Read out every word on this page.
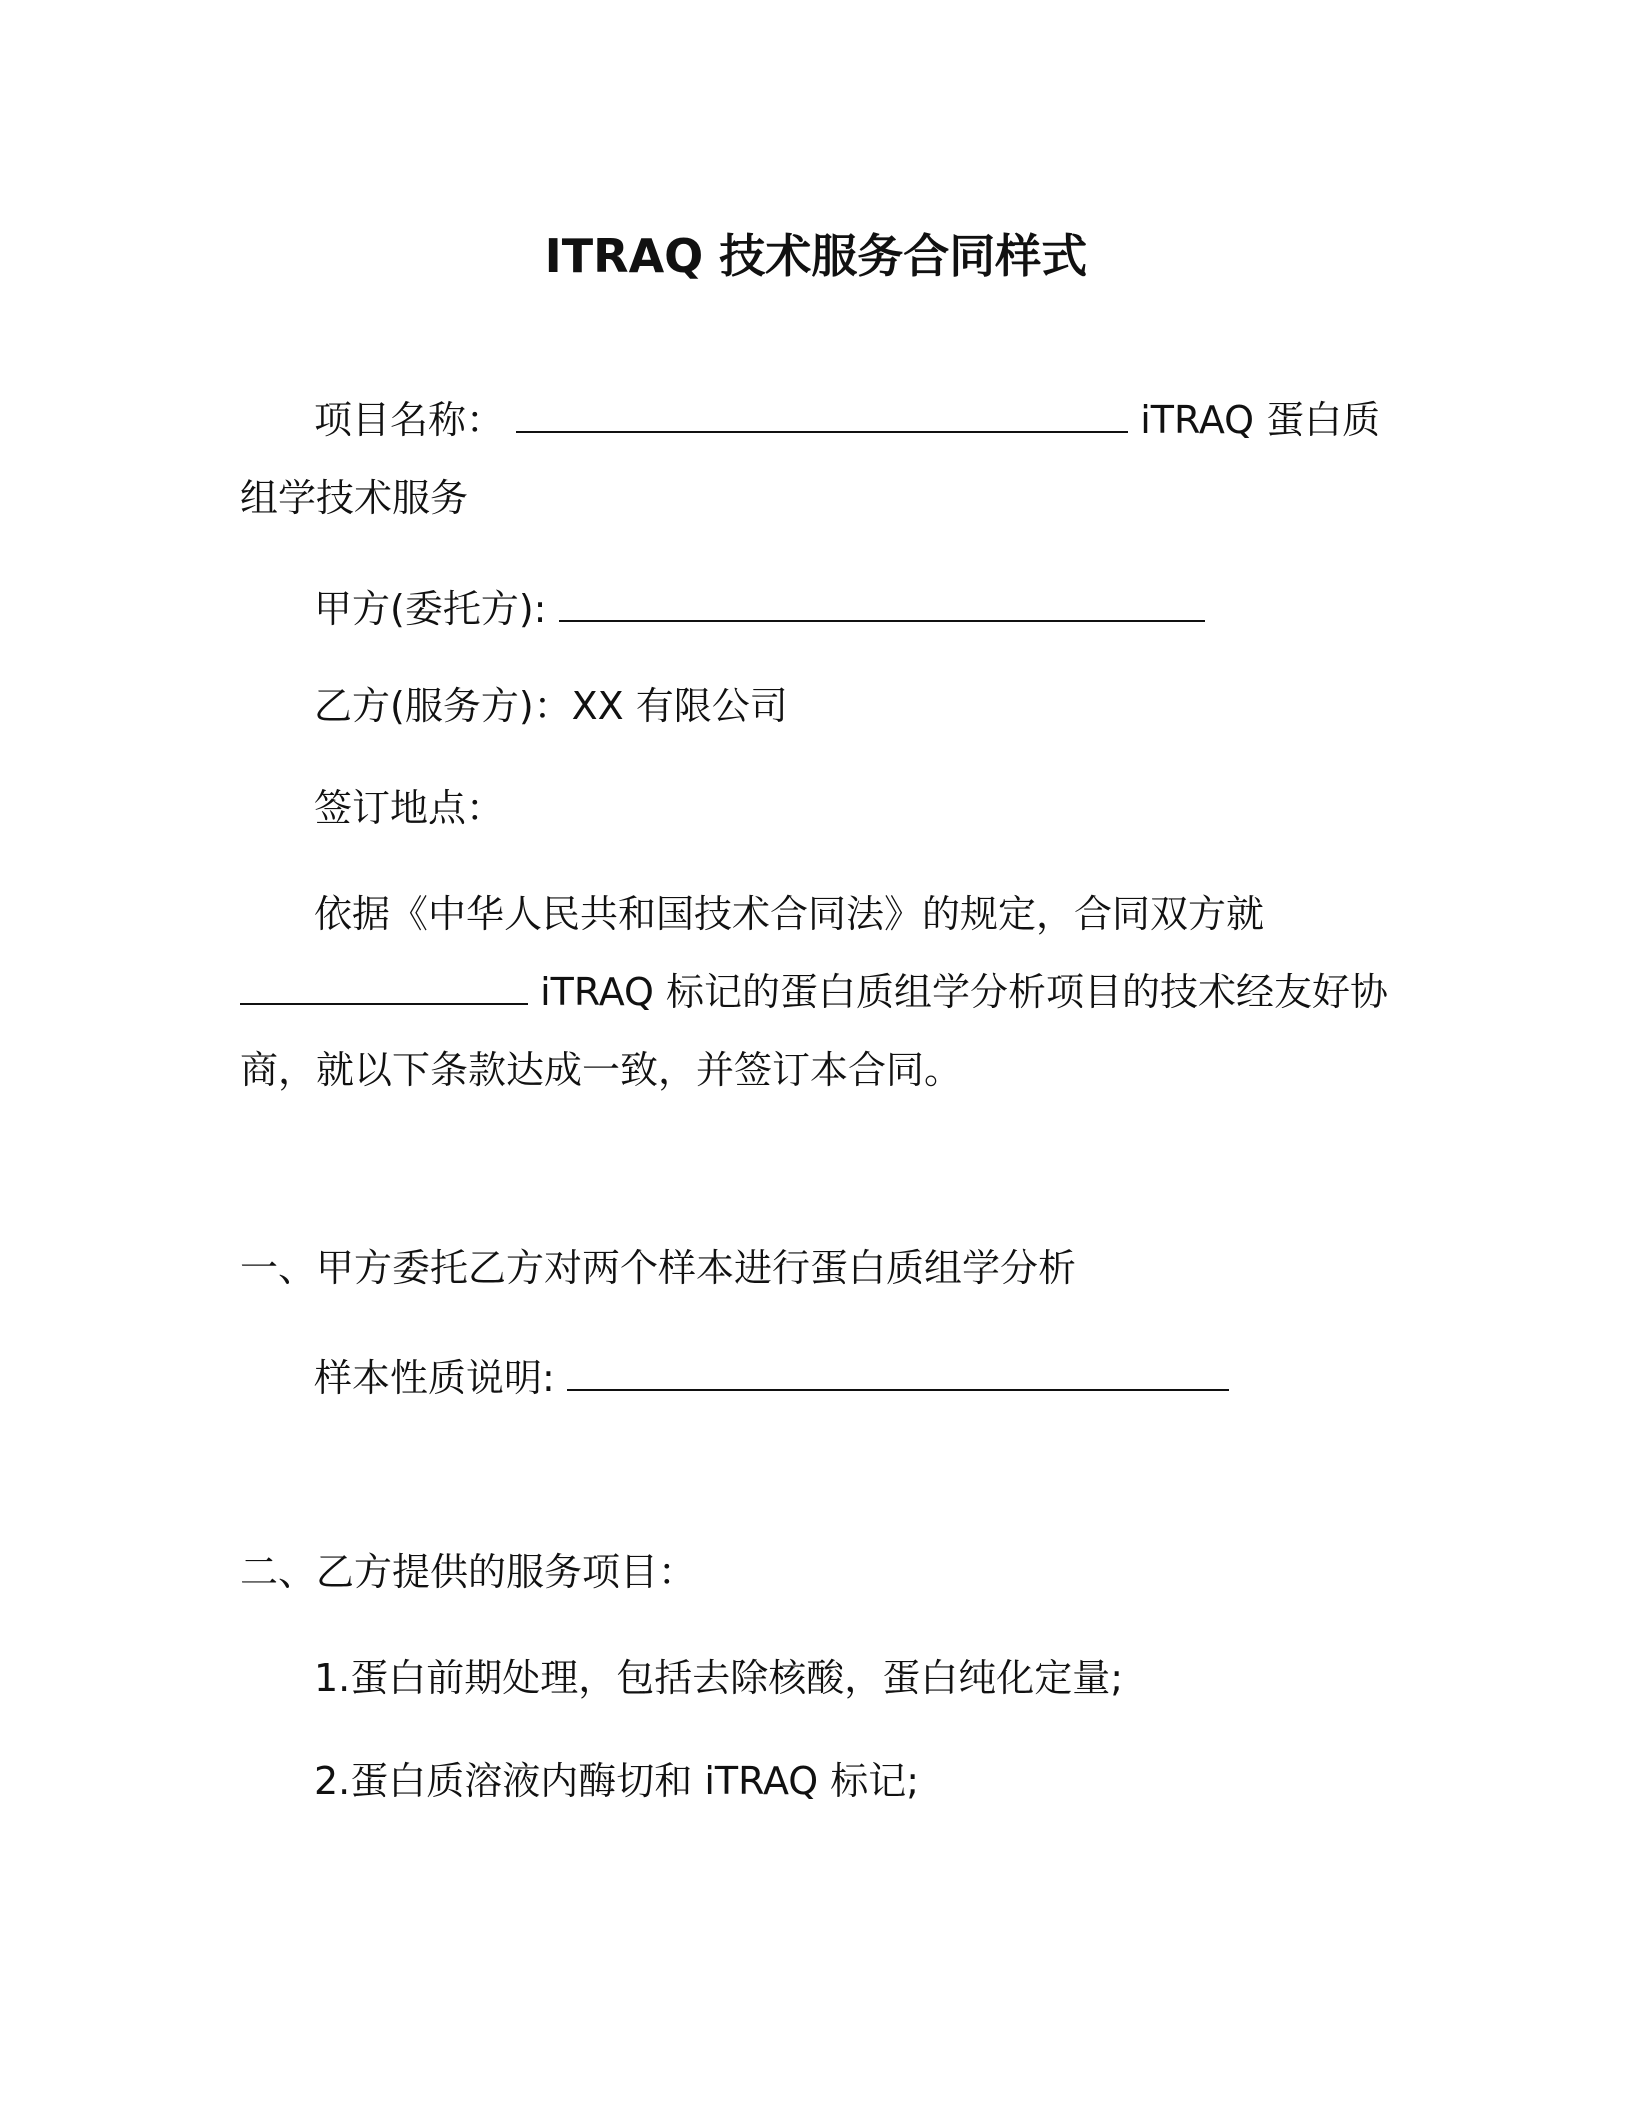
ITRAQ 技术服务合同样式
项目名称：	iTRAQ 蛋白质
组学技术服务
甲方(委托方):
乙方(服务方)：XX 有限公司
签订地点：
依据《中华人民共和国技术合同法》的规定，合同双方就
iTRAQ 标记的蛋白质组学分析项目的技术经友好协
商，就以下条款达成一致，并签订本合同。
一、甲方委托乙方对两个样本进行蛋白质组学分析
样本性质说明:
二、乙方提供的服务项目：
1.蛋白前期处理，包括去除核酸，蛋白纯化定量;
2.蛋白质溶液内酶切和 iTRAQ 标记;
